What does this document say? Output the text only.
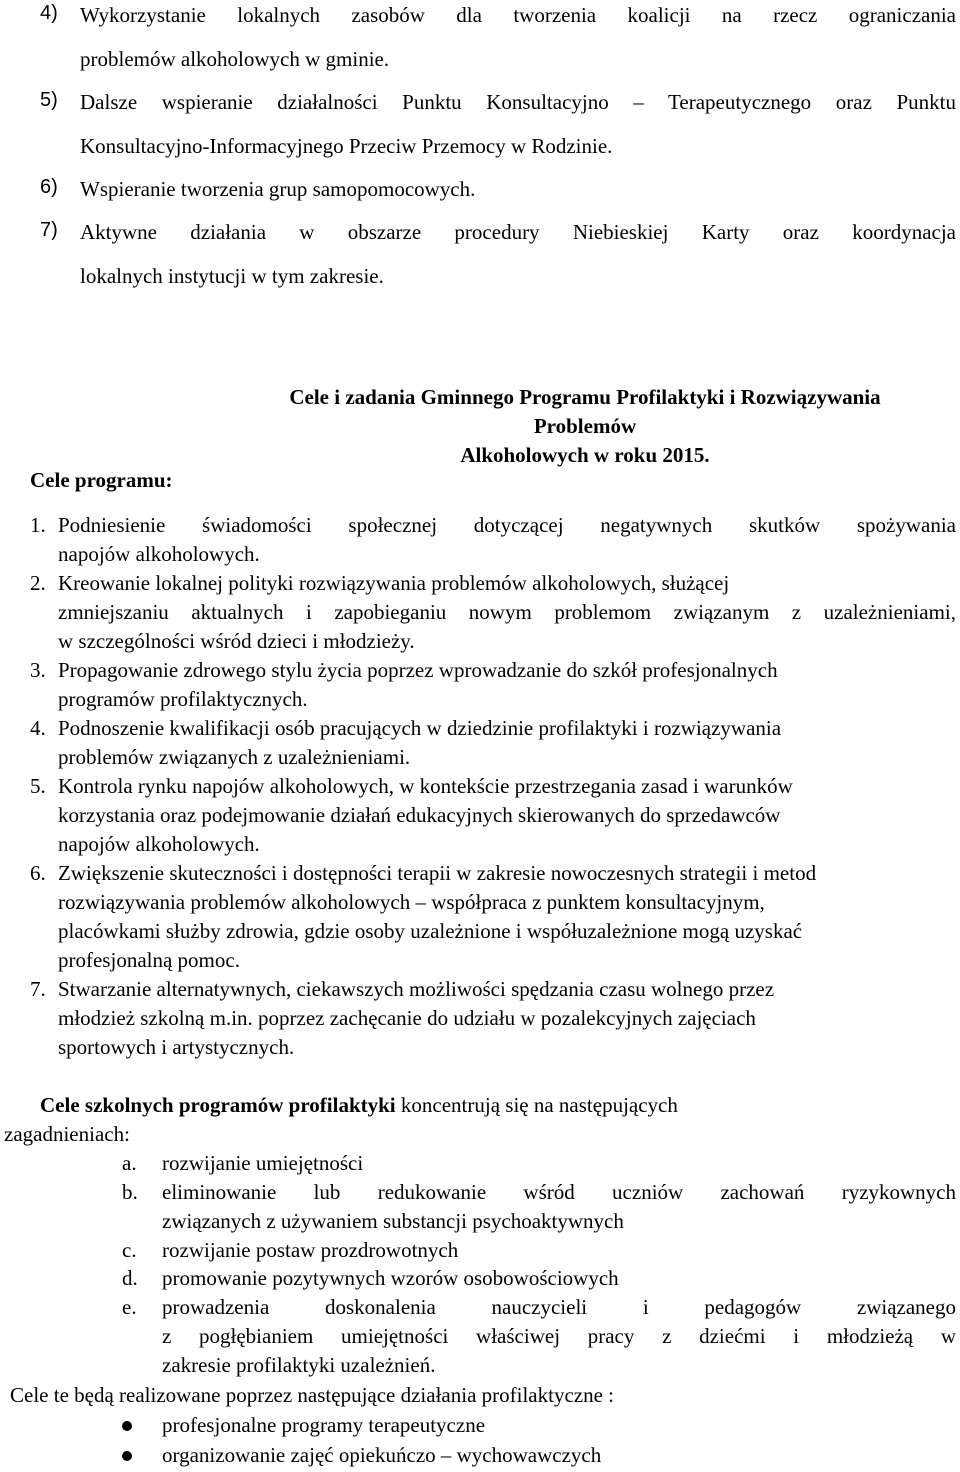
4) Wykorzystanie lokalnych zasobów dla tworzenia koalicji na rzecz ograniczania
problemów alkoholowych w gminie.
5) Dalsze wspieranie działalności Punktu Konsultacyjno – Terapeutycznego oraz Punktu
Konsultacyjno-Informacyjnego Przeciw Przemocy w Rodzinie.
6) Wspieranie tworzenia grup samopomocowych.
7) Aktywne działania w obszarze procedury Niebieskiej Karty oraz koordynacja
lokalnych instytucji w tym zakresie.
Cele i zadania Gminnego Programu Profilaktyki i Rozwiązywania Problemów
Alkoholowych w roku 2015.
Cele programu:
1. Podniesienie świadomości społecznej dotyczącej negatywnych skutków spożywania
napojów alkoholowych.
2. Kreowanie lokalnej polityki rozwiązywania problemów alkoholowych, służącej
zmniejszaniu aktualnych i zapobieganiu nowym problemom związanym z uzależnieniami,
w szczególności wśród dzieci i młodzieży.
3. Propagowanie zdrowego stylu życia poprzez wprowadzanie do szkół profesjonalnych
programów profilaktycznych.
4. Podnoszenie kwalifikacji osób pracujących w dziedzinie profilaktyki i rozwiązywania
problemów związanych z uzależnieniami.
5. Kontrola rynku napojów alkoholowych, w kontekście przestrzegania zasad i warunków
korzystania oraz podejmowanie działań edukacyjnych skierowanych do sprzedawców
napojów alkoholowych.
6. Zwiększenie skuteczności i dostępności terapii w zakresie nowoczesnych strategii i metod
rozwiązywania problemów alkoholowych – współpraca z punktem konsultacyjnym,
placówkami służby zdrowia, gdzie osoby uzależnione i współuzależnione mogą uzyskać
profesjonalną pomoc.
7. Stwarzanie alternatywnych, ciekawszych możliwości spędzania czasu wolnego przez
młodzież szkolną m.in. poprzez zachęcanie do udziału w pozalekcyjnych zajęciach
sportowych i artystycznych.
Cele szkolnych programów profilaktyki koncentrują się na następujących
zagadnieniach:
a. rozwijanie umiejętności
b. eliminowanie lub redukowanie wśród uczniów zachowań ryzykownych
związanych z używaniem substancji psychoaktywnych
c. rozwijanie postaw prozdrowotnych
d. promowanie pozytywnych wzorów osobowościowych
e. prowadzenia doskonalenia nauczycieli i pedagogów związanego
z pogłębianiem umiejętności właściwej pracy z dziećmi i młodzieżą w
zakresie profilaktyki uzależnień.
Cele te będą realizowane poprzez następujące działania profilaktyczne :
profesjonalne programy terapeutyczne
organizowanie zajęć opiekuńczo – wychowawczych
